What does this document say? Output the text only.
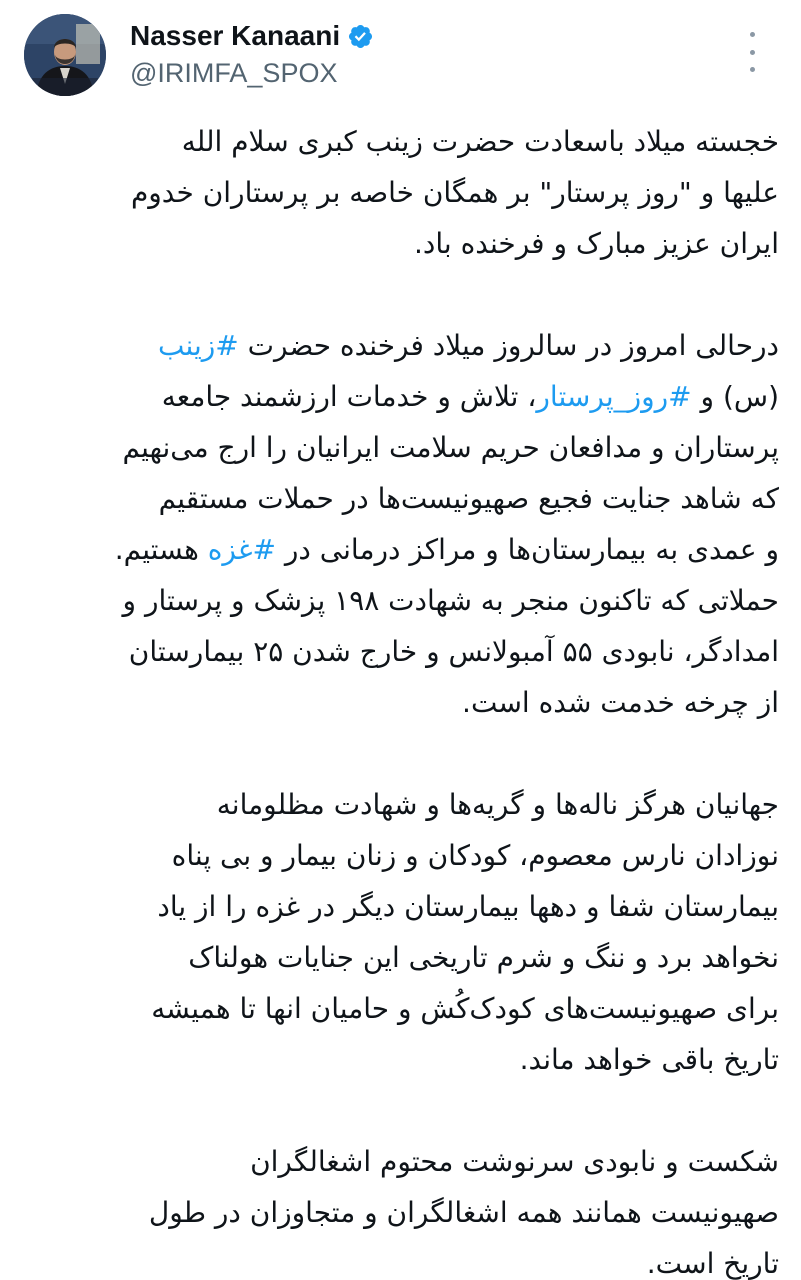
Nasser Kanaani
@IRIMFA_SPOX
خجسته میلاد باسعادت حضرت زینب کبری سلام الله
علیها و "روز پرستار" بر همگان خاصه بر پرستاران خدوم
ایران عزیز مبارک و فرخنده باد.
درحالی امروز در سالروز میلاد فرخنده حضرت #زینب
(س) و #روز_پرستار، تلاش و خدمات ارزشمند جامعه
پرستاران و مدافعان حریم سلامت ایرانیان را ارج می‌نهیم
که شاهد جنایت فجیع صهیونیست‌ها در حملات مستقیم
و عمدی به بیمارستان‌ها و مراکز درمانی در #غزه هستیم.
حملاتی که تاکنون منجر به شهادت ۱۹۸ پزشک و پرستار و
امدادگر، نابودی ۵۵ آمبولانس و خارج شدن ۲۵ بیمارستان
از چرخه خدمت شده است.
جهانیان هرگز ناله‌ها و گریه‌ها و شهادت مظلومانه
نوزادان نارس معصوم، کودکان و زنان بیمار و بی پناه
بیمارستان شفا و دهها بیمارستان دیگر در غزه را از یاد
نخواهد برد و ننگ و شرم تاریخی این جنایات هولناک
برای صهیونیست‌های کودک‌کُش و حامیان انها تا همیشه
تاریخ باقی خواهد ماند.
شکست و نابودی سرنوشت محتوم اشغالگران
صهیونیست همانند همه اشغالگران و متجاوزان در طول
تاریخ است.
